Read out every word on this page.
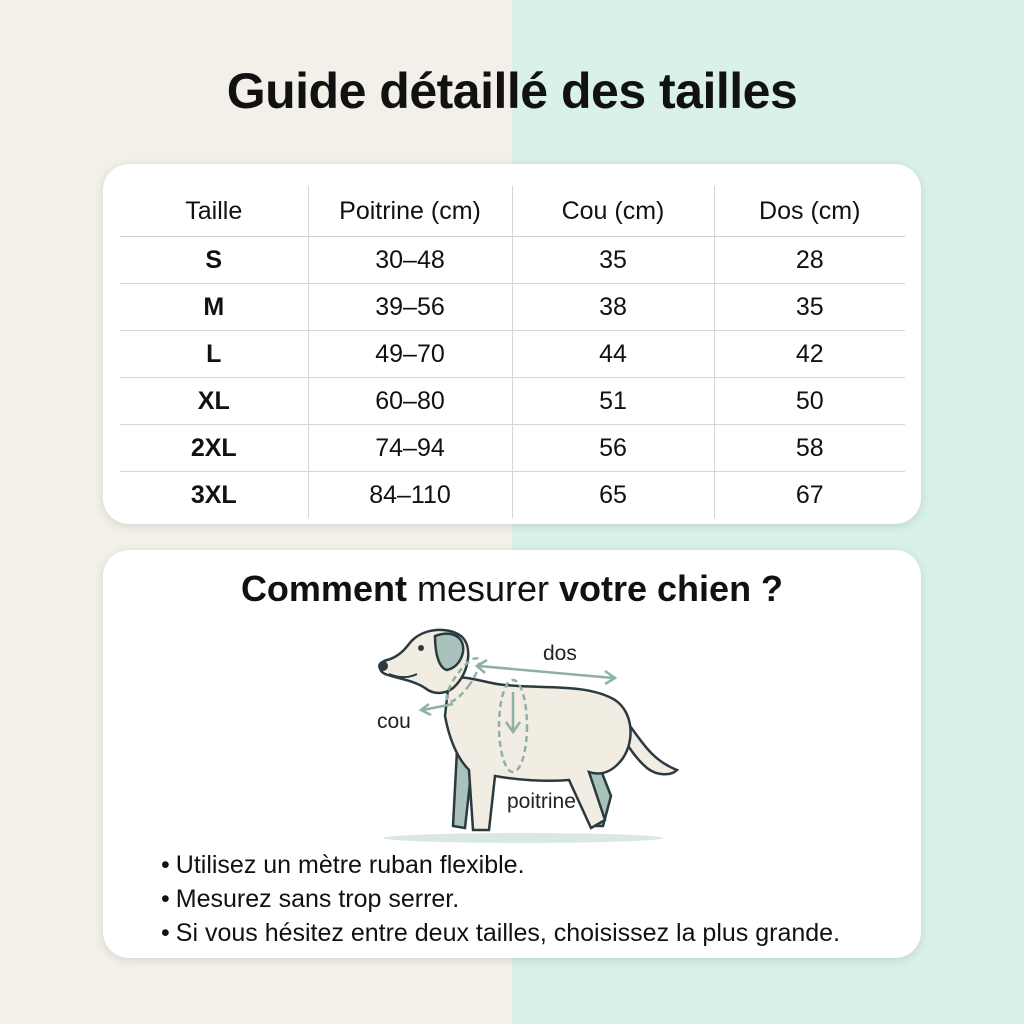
Guide détaillé des tailles
Taille	Poitrine (cm)	Cou (cm)	Dos (cm)
S	30–48	35	28
M	39–56	38	35
L	49–70	44	42
XL	60–80	51	50
2XL	74–94	56	58
3XL	84–110	65	67
Comment mesurer votre chien ?
dos
cou
poitrine
• Utilisez un mètre ruban flexible.
• Mesurez sans trop serrer.
• Si vous hésitez entre deux tailles, choisissez la plus grande.
